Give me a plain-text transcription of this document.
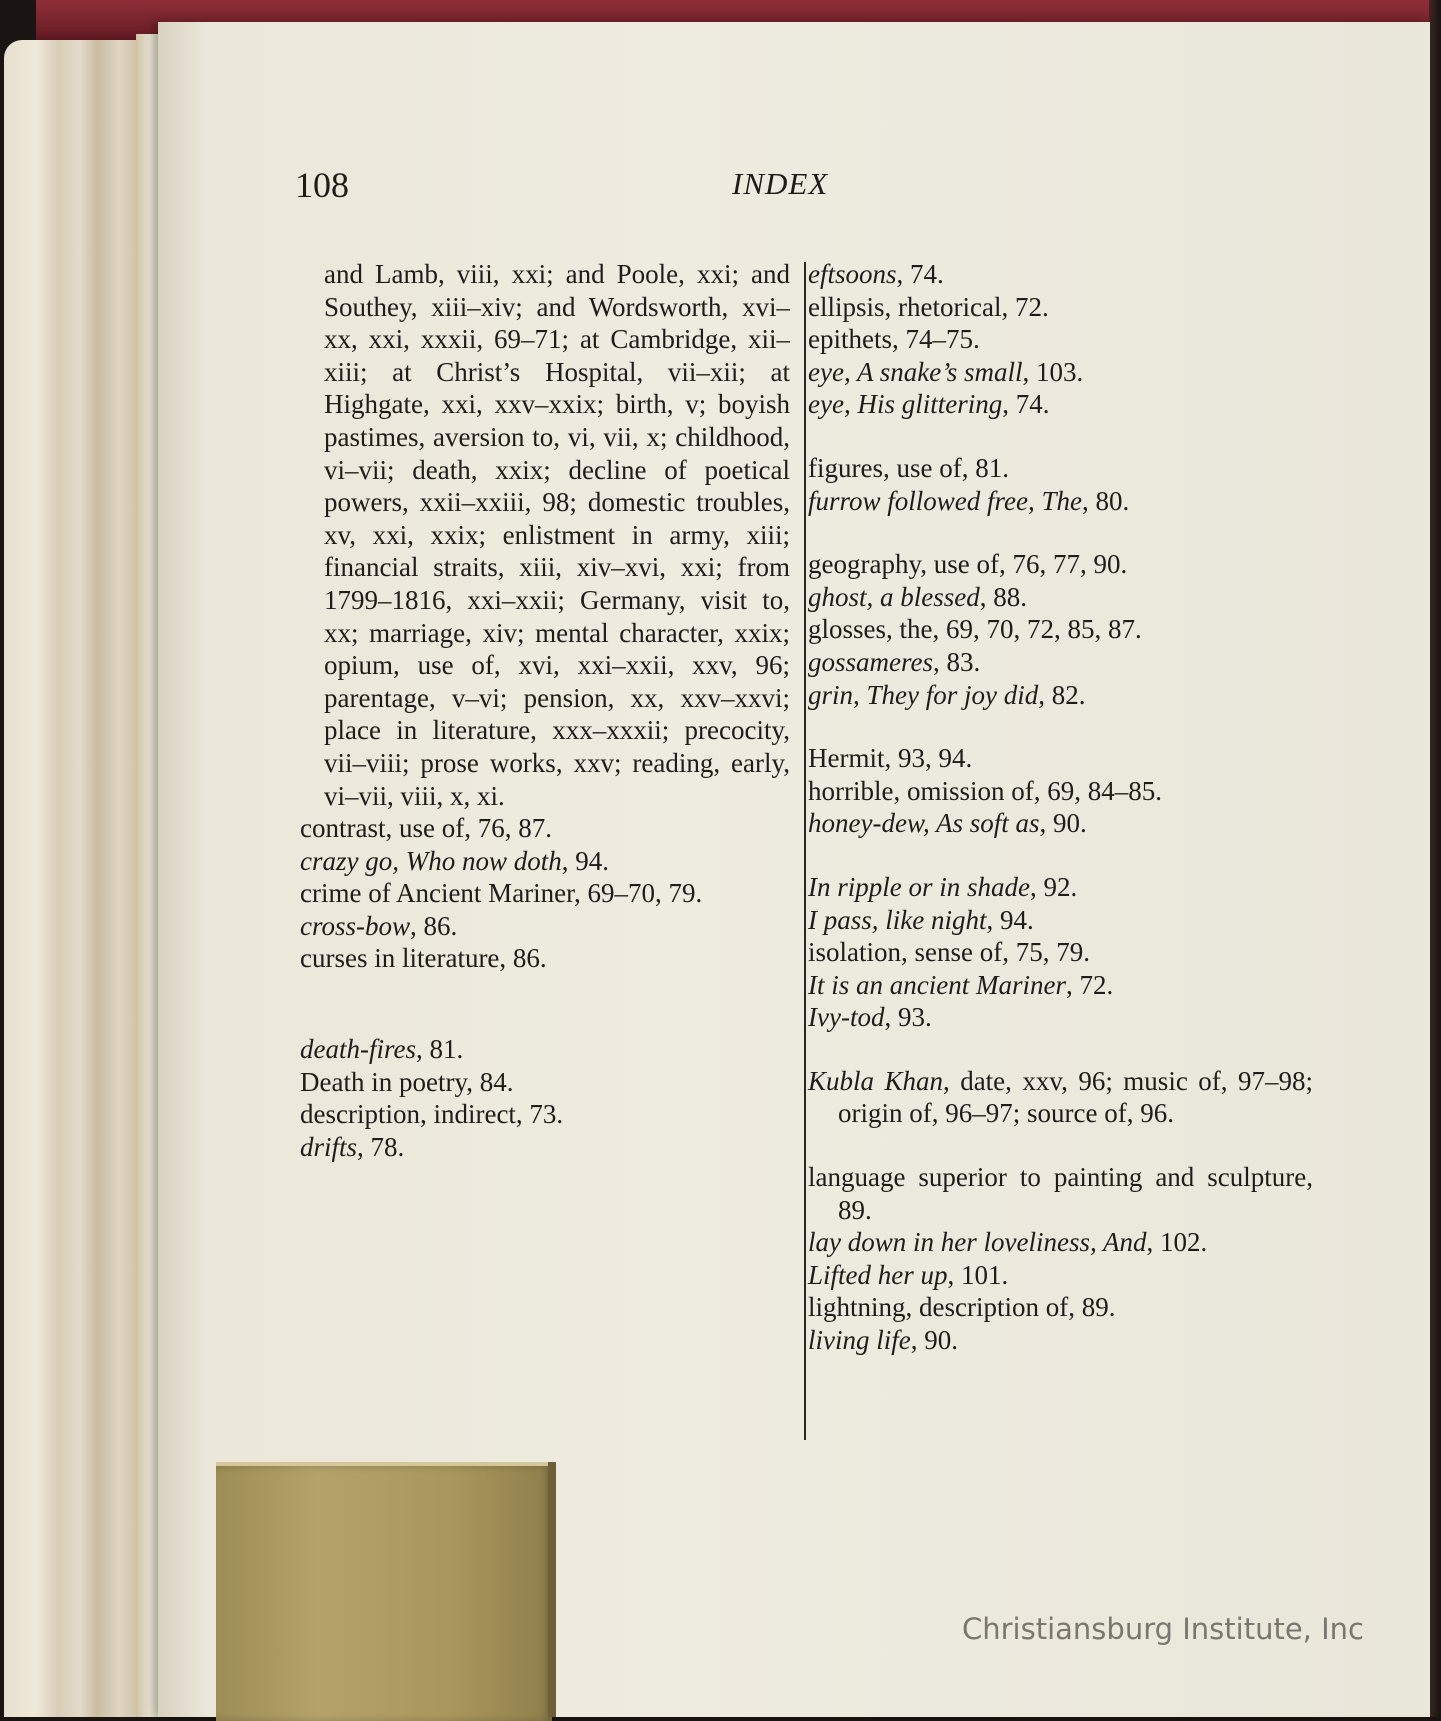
108	INDEX

and Lamb, viii, xxi; and Poole, xxi; and Southey, xiii–xiv; and Wordsworth, xvi–xx, xxi, xxxii, 69–71; at Cambridge, xii–xiii; at Christ’s Hospital, vii–xii; at Highgate, xxi, xxv–xxix; birth, v; boyish pastimes, aversion to, vi, vii, x; childhood, vi–vii; death, xxix; decline of poetical powers, xxii–xxiii, 98; domestic troubles, xv, xxi, xxix; enlistment in army, xiii; financial straits, xiii, xiv–xvi, xxi; from 1799–1816, xxi–xxii; Germany, visit to, xx; marriage, xiv; mental character, xxix; opium, use of, xvi, xxi–xxii, xxv, 96; parentage, v–vi; pension, xx, xxv–xxvi; place in literature, xxx–xxxii; precocity, vii–viii; prose works, xxv; reading, early, vi–vii, viii, x, xi.

contrast, use of, 76, 87.

crazy go, Who now doth, 94.

crime of Ancient Mariner, 69–70, 79.

cross-bow, 86.

curses in literature, 86.

death-fires, 81.

Death in poetry, 84.

description, indirect, 73.

drifts, 78.

eftsoons, 74.

ellipsis, rhetorical, 72.

epithets, 74–75.

eye, A snake’s small, 103.

eye, His glittering, 74.

figures, use of, 81.

furrow followed free, The, 80.

geography, use of, 76, 77, 90.

ghost, a blessed, 88.

glosses, the, 69, 70, 72, 85, 87.

gossameres, 83.

grin, They for joy did, 82.

Hermit, 93, 94.

horrible, omission of, 69, 84–85.

honey-dew, As soft as, 90.

In ripple or in shade, 92.

I pass, like night, 94.

isolation, sense of, 75, 79.

It is an ancient Mariner, 72.

Ivy-tod, 93.

Kubla Khan, date, xxv, 96; music of, 97–98; origin of, 96–97; source of, 96.

language superior to painting and sculpture, 89.

lay down in her loveliness, And, 102.

Lifted her up, 101.

lightning, description of, 89.

living life, 90.

Christiansburg Institute, Inc
